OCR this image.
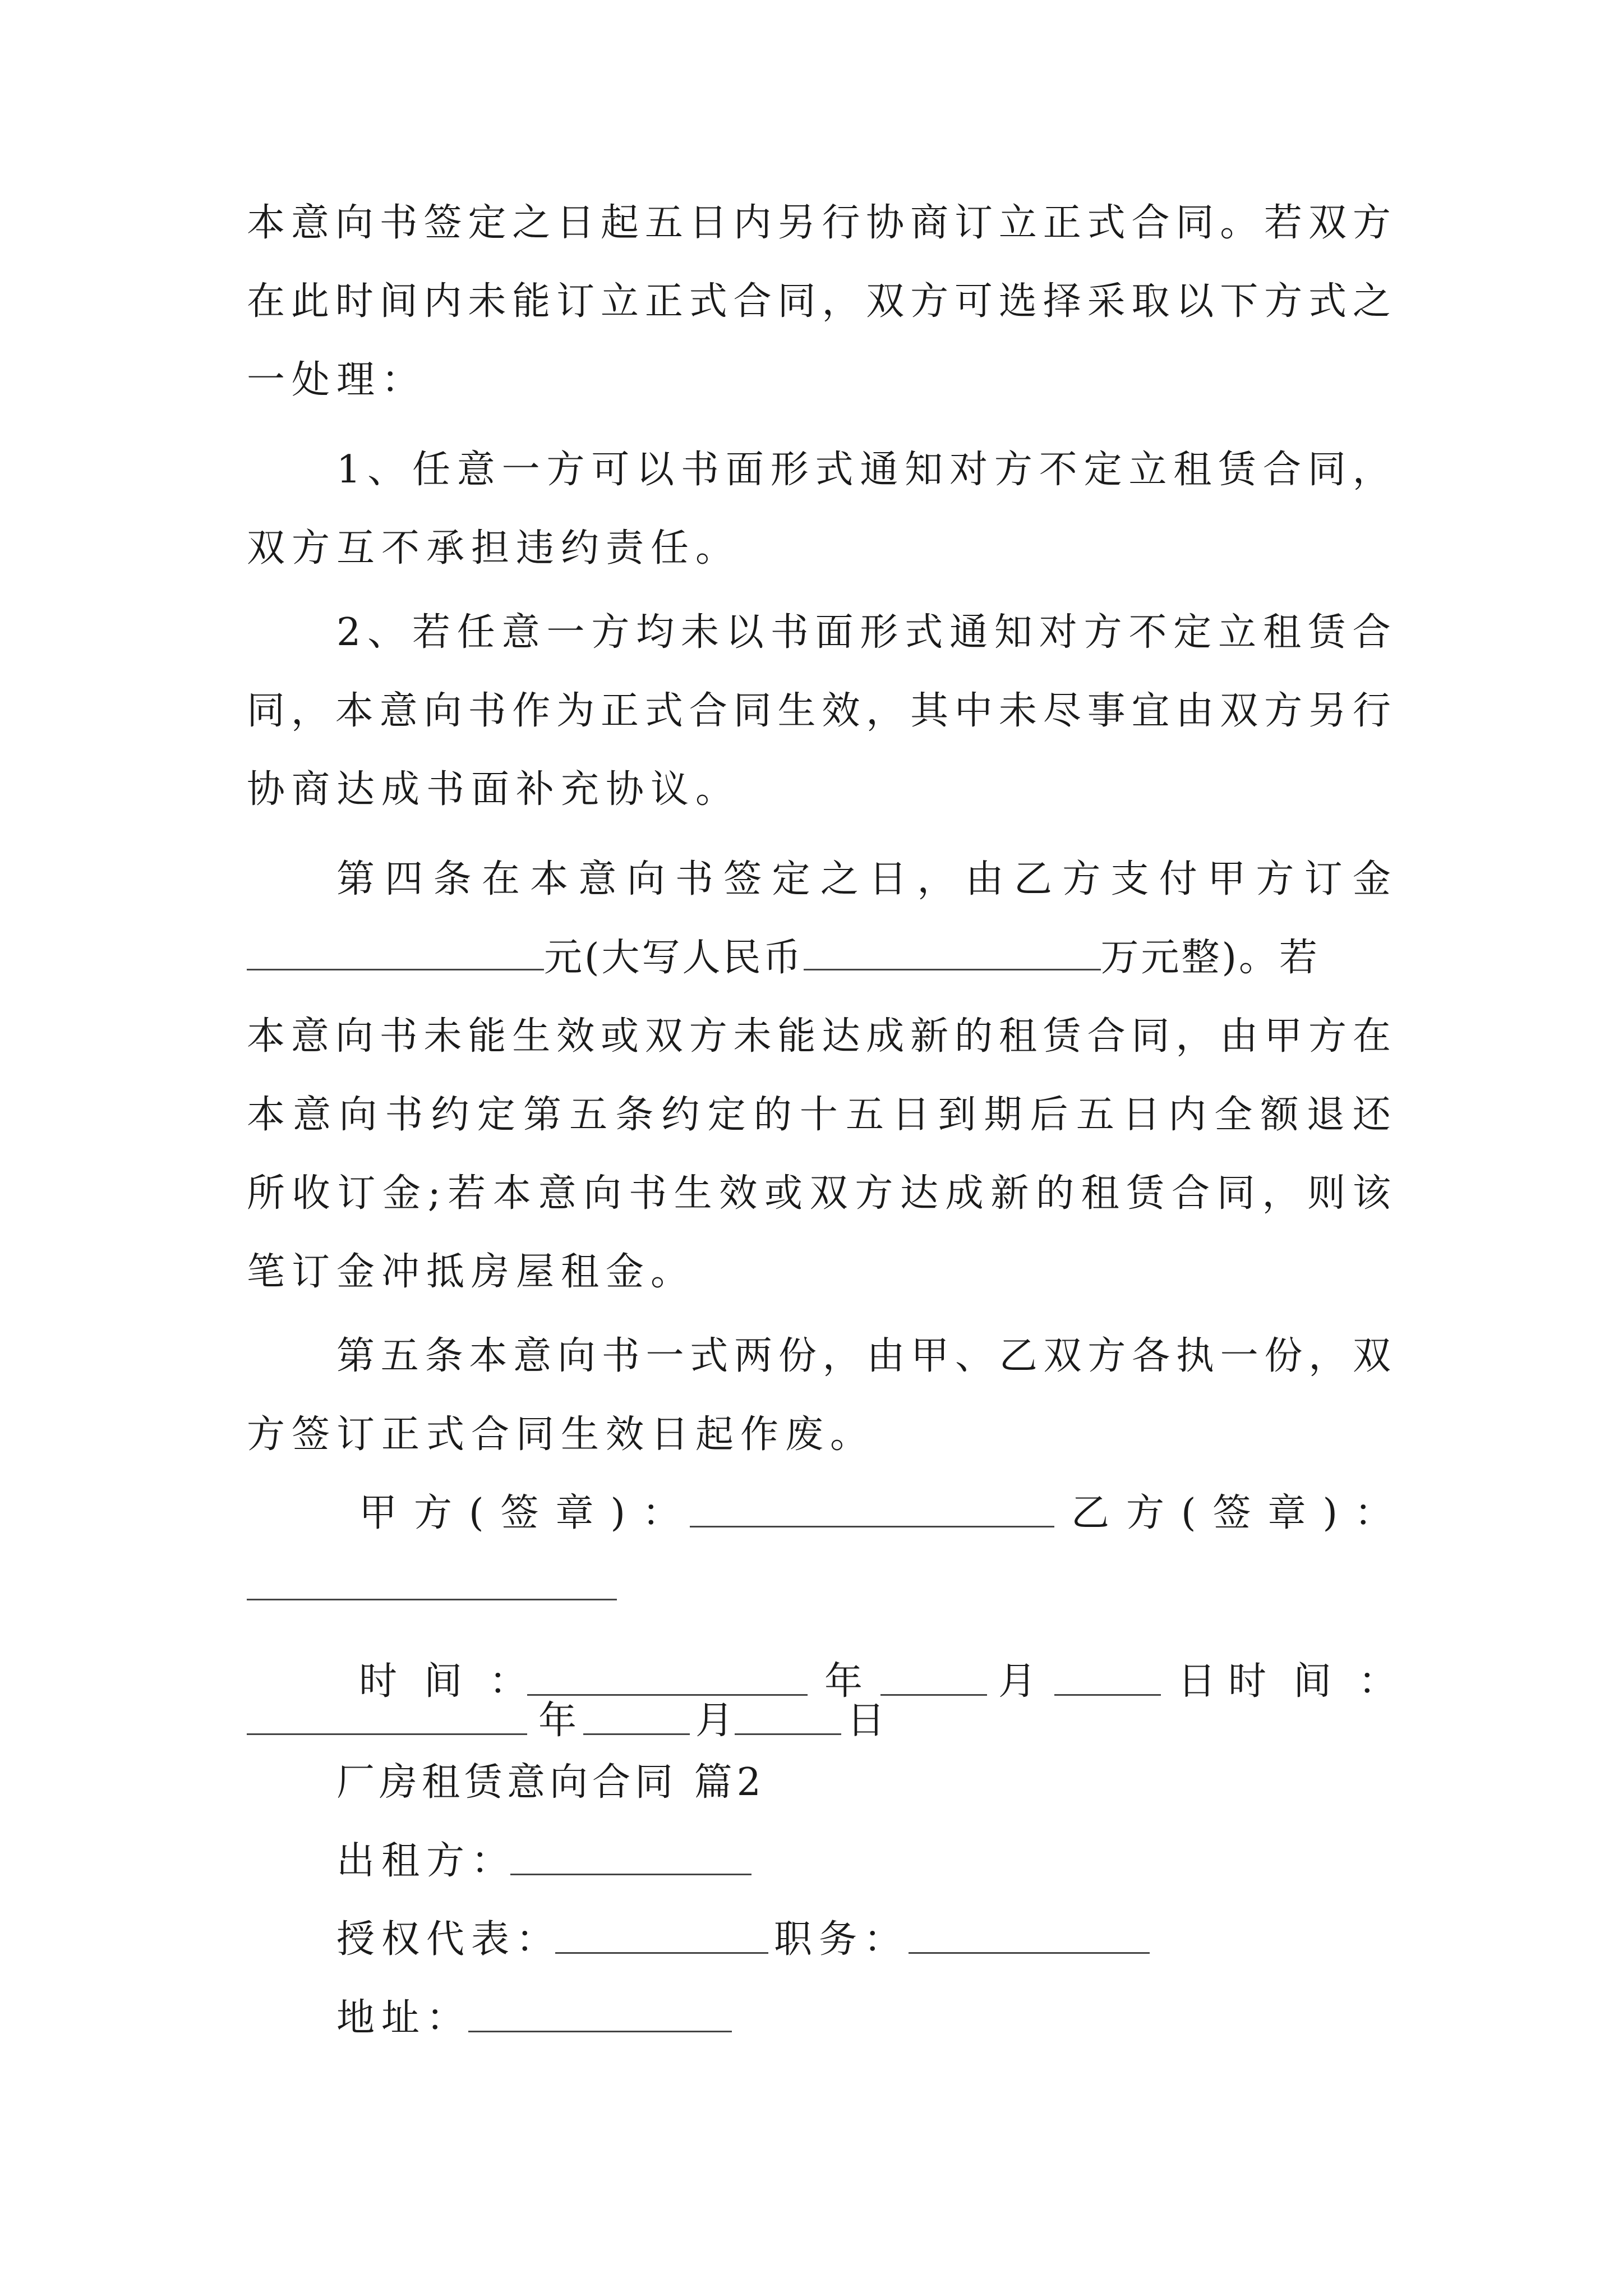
本 意 向 书 签 定 之 日 起 五 日 内 另 行 协 商 订 立 正 式 合 同 。 若 双 方
在 此 时 间 内 未 能 订 立 正 式 合 同 ， 双 方 可 选 择 采 取 以 下 方 式 之
一处理：
1 、 任 意 一 方 可 以 书 面 形 式 通 知 对 方 不 定 立 租 赁 合 同 ，
双方互不承担违约责任。
2 、 若 任 意 一 方 均 未 以 书 面 形 式 通 知 对 方 不 定 立 租 赁 合
同 ， 本 意 向 书 作 为 正 式 合 同 生 效 ， 其 中 未 尽 事 宜 由 双 方 另 行
协商达成书面补充协议。
第 四 条 在 本 意 向 书 签 定 之 日 ， 由 乙 方 支 付 甲 方 订 金
元(大写人民币	万元整)。若
本 意 向 书 未 能 生 效 或 双 方 未 能 达 成 新 的 租 赁 合 同 ， 由 甲 方 在
本 意 向 书 约 定 第 五 条 约 定 的 十 五 日 到 期 后 五 日 内 全 额 退 还
所 收 订 金 ; 若 本 意 向 书 生 效 或 双 方 达 成 新 的 租 赁 合 同 ， 则 该
笔订金冲抵房屋租金。
第 五 条 本 意 向 书 一 式 两 份 ， 由 甲 、 乙 双 方 各 执 一 份 ， 双
方签订正式合同生效日起作废。
甲方(签章)：	乙方(签章)：
时间：	年	月	日 时间：
年	月	日
厂房租赁意向合同 篇2
出租方：
授权代表：	职务：
地址：
